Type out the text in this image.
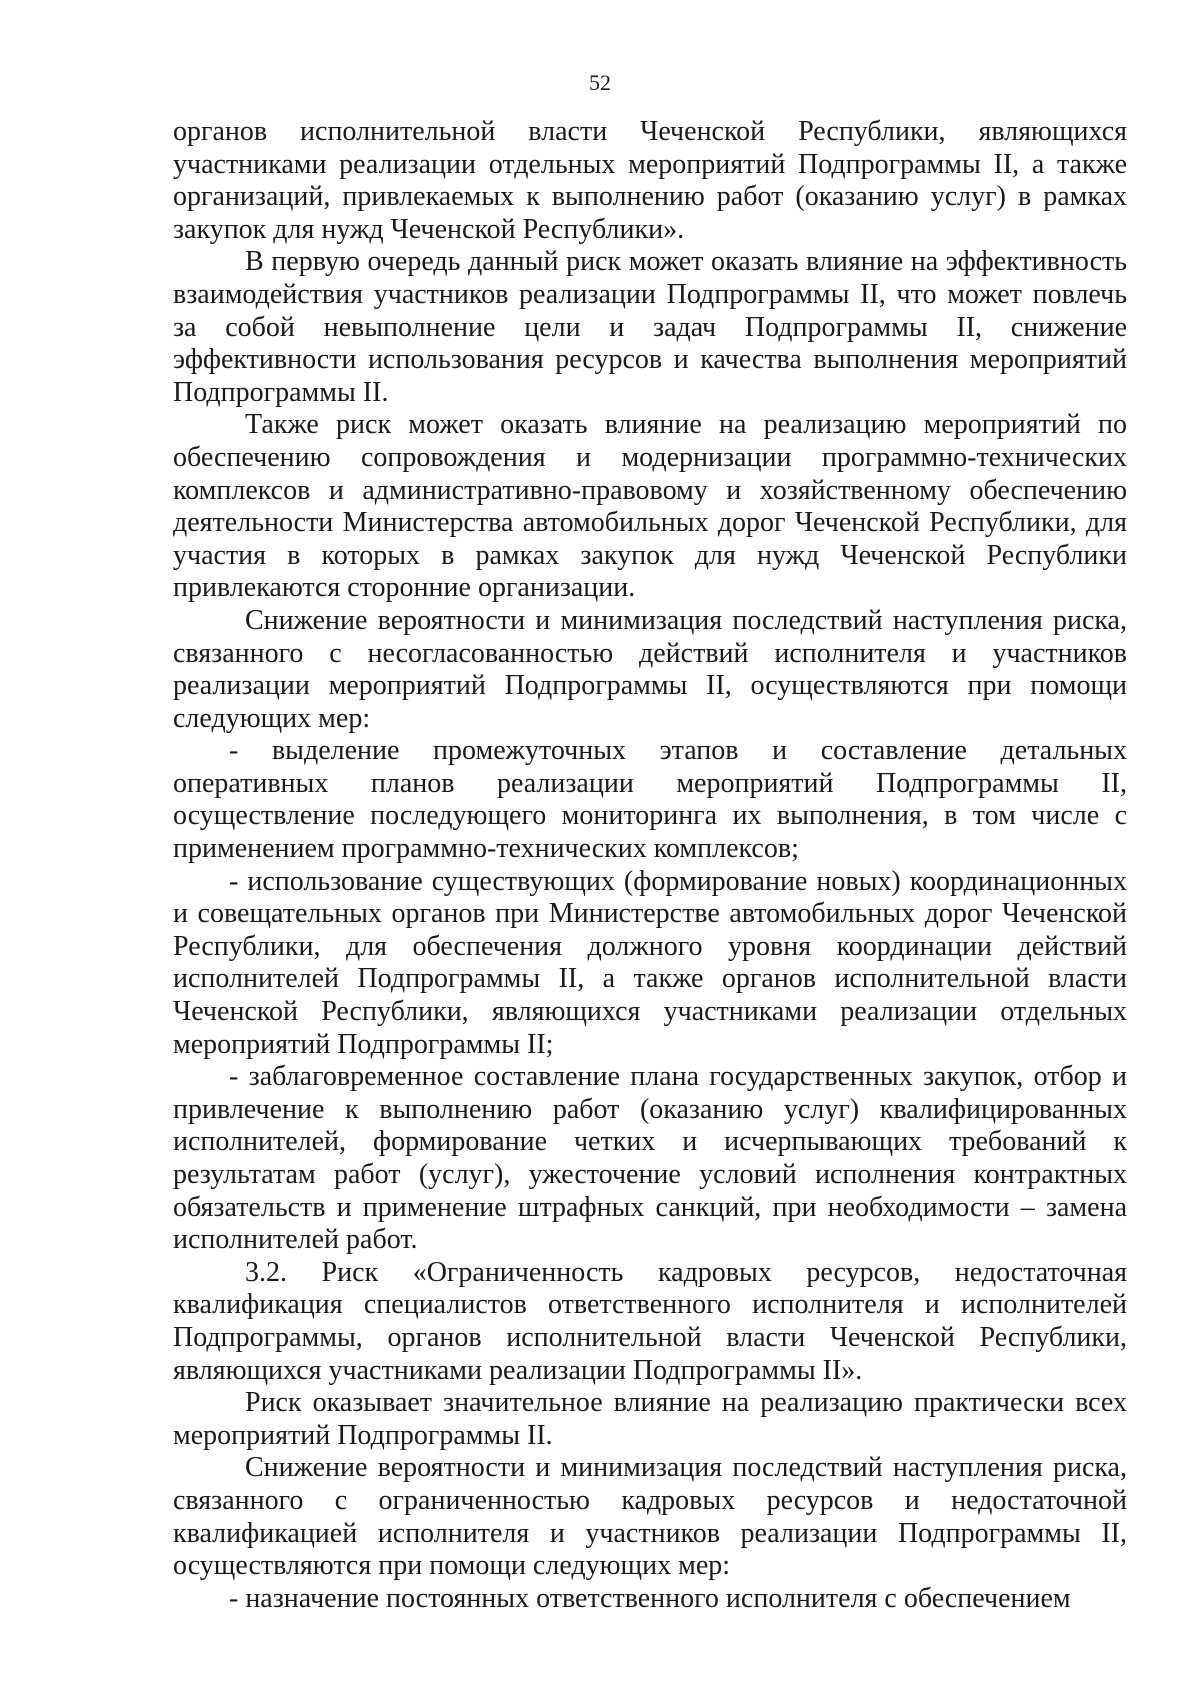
52

органов исполнительной власти Чеченской Республики, являющихся участниками реализации отдельных мероприятий Подпрограммы II, а также организаций, привлекаемых к выполнению работ (оказанию услуг) в рамках закупок для нужд Чеченской Республики».

В первую очередь данный риск может оказать влияние на эффективность взаимодействия участников реализации Подпрограммы II, что может повлечь за собой невыполнение цели и задач Подпрограммы II, снижение эффективности использования ресурсов и качества выполнения мероприятий Подпрограммы II.

Также риск может оказать влияние на реализацию мероприятий по обеспечению сопровождения и модернизации программно-технических комплексов и административно-правовому и хозяйственному обеспечению деятельности Министерства автомобильных дорог Чеченской Республики, для участия в которых в рамках закупок для нужд Чеченской Республики привлекаются сторонние организации.

Снижение вероятности и минимизация последствий наступления риска, связанного с несогласованностью действий исполнителя и участников реализации мероприятий Подпрограммы II, осуществляются при помощи следующих мер:

- выделение промежуточных этапов и составление детальных оперативных планов реализации мероприятий Подпрограммы II, осуществление последующего мониторинга их выполнения, в том числе с применением программно-технических комплексов;

- использование существующих (формирование новых) координационных и совещательных органов при Министерстве автомобильных дорог Чеченской Республики, для обеспечения должного уровня координации действий исполнителей Подпрограммы II, а также органов исполнительной власти Чеченской Республики, являющихся участниками реализации отдельных мероприятий Подпрограммы II;

- заблаговременное составление плана государственных закупок, отбор и привлечение к выполнению работ (оказанию услуг) квалифицированных исполнителей, формирование четких и исчерпывающих требований к результатам работ (услуг), ужесточение условий исполнения контрактных обязательств и применение штрафных санкций, при необходимости – замена исполнителей работ.

3.2. Риск «Ограниченность кадровых ресурсов, недостаточная квалификация специалистов ответственного исполнителя и исполнителей Подпрограммы, органов исполнительной власти Чеченской Республики, являющихся участниками реализации Подпрограммы II».

Риск оказывает значительное влияние на реализацию практически всех мероприятий Подпрограммы II.

Снижение вероятности и минимизация последствий наступления риска, связанного с ограниченностью кадровых ресурсов и недостаточной квалификацией исполнителя и участников реализации Подпрограммы II, осуществляются при помощи следующих мер:

- назначение постоянных ответственного исполнителя с обеспечением
